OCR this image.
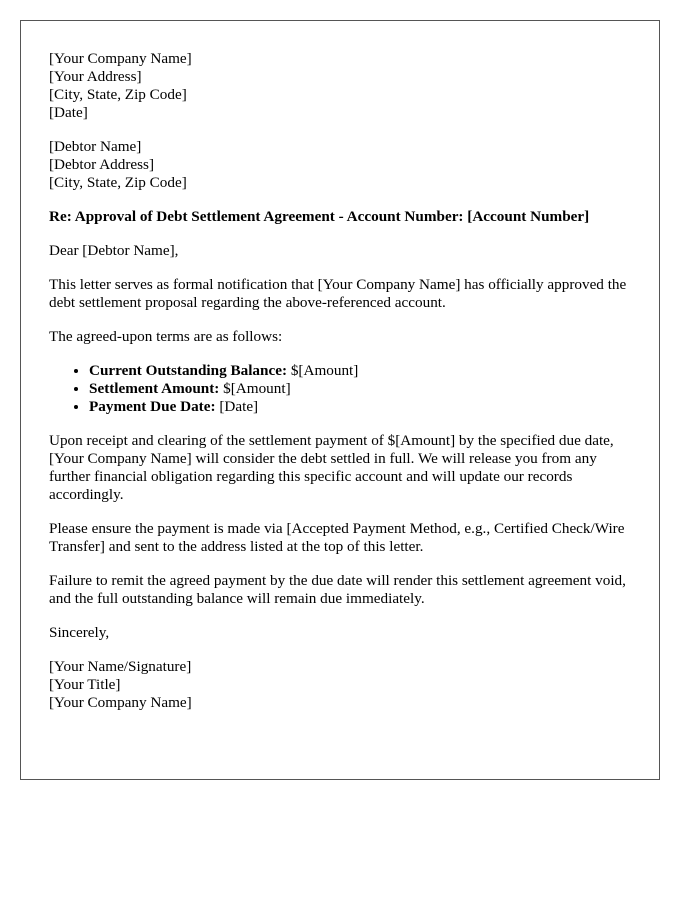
[Your Company Name]
[Your Address]
[City, State, Zip Code]
[Date]
[Debtor Name]
[Debtor Address]
[City, State, Zip Code]

Re: Approval of Debt Settlement Agreement - Account Number: [Account Number]

Dear [Debtor Name],

This letter serves as formal notification that [Your Company Name] has officially approved the debt settlement proposal regarding the above-referenced account.

The agreed-upon terms are as follows:

• Current Outstanding Balance: $[Amount]
• Settlement Amount: $[Amount]
• Payment Due Date: [Date]

Upon receipt and clearing of the settlement payment of $[Amount] by the specified due date, [Your Company Name] will consider the debt settled in full. We will release you from any further financial obligation regarding this specific account and will update our records accordingly.

Please ensure the payment is made via [Accepted Payment Method, e.g., Certified Check/Wire Transfer] and sent to the address listed at the top of this letter.

Failure to remit the agreed payment by the due date will render this settlement agreement void, and the full outstanding balance will remain due immediately.

Sincerely,

[Your Name/Signature]
[Your Title]
[Your Company Name]
